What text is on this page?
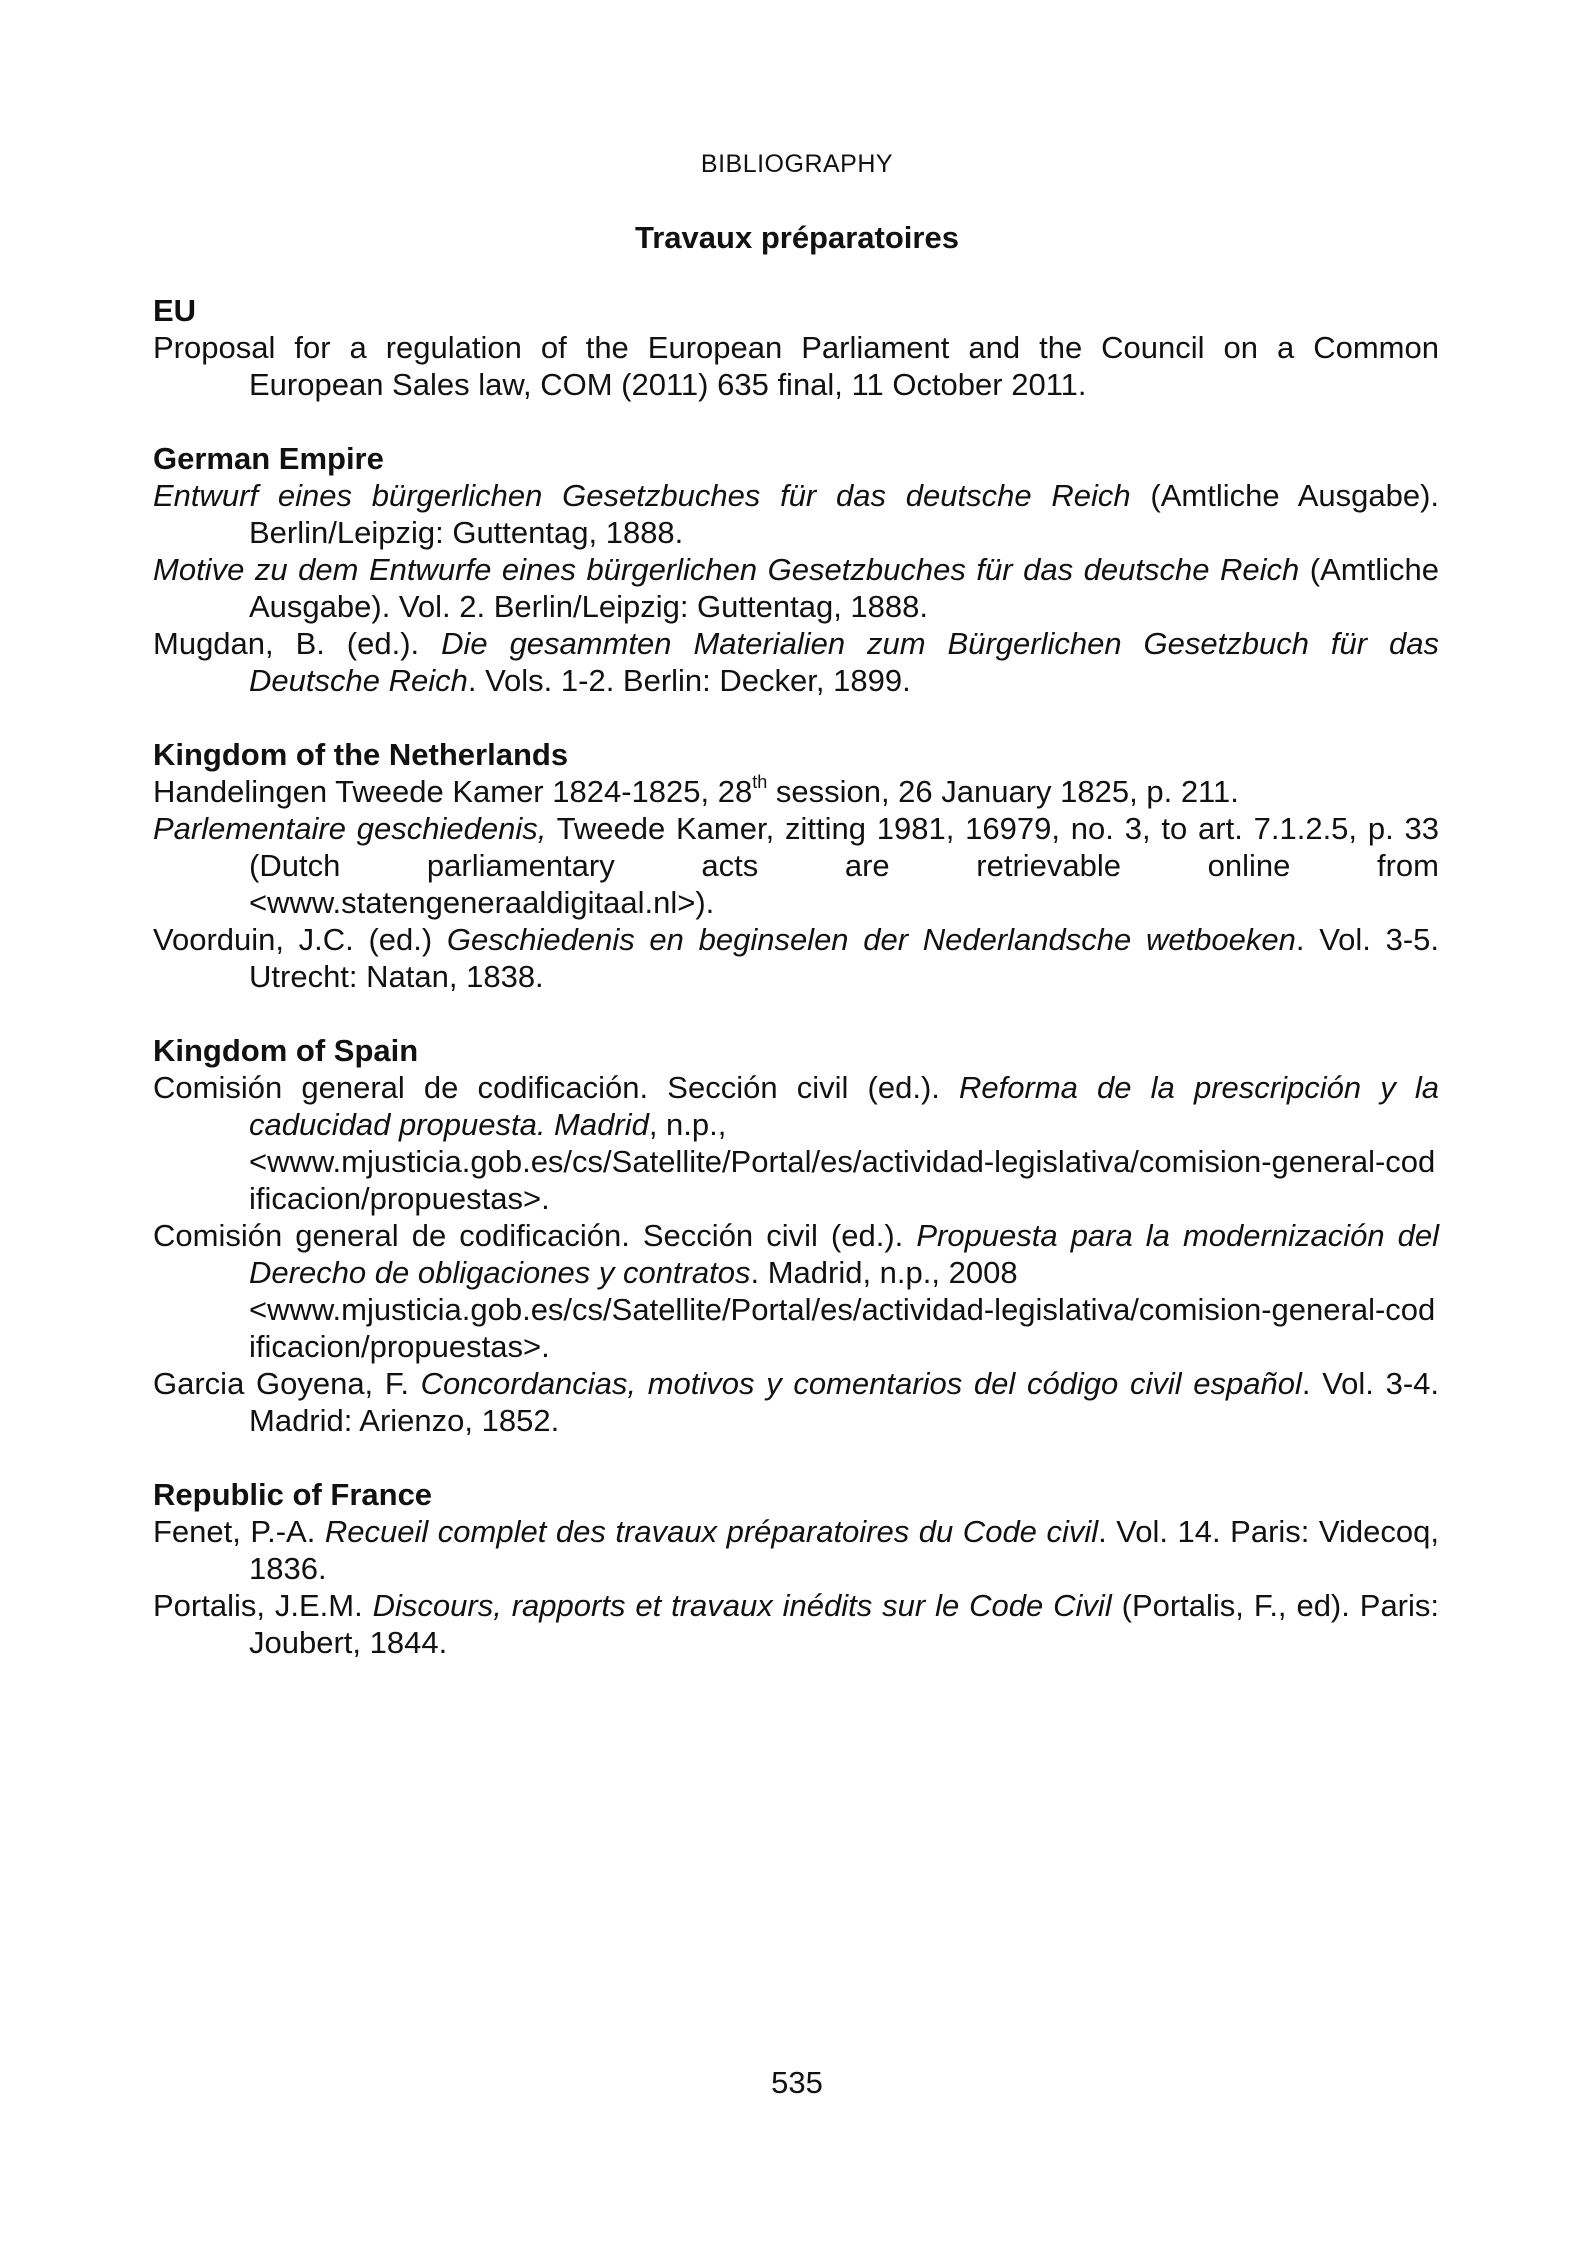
BIBLIOGRAPHY
Travaux préparatoires
EU

Proposal for a regulation of the European Parliament and the Council on a Common European Sales law, COM (2011) 635 final, 11 October 2011.

German Empire

Entwurf eines bürgerlichen Gesetzbuches für das deutsche Reich (Amtliche Ausgabe). Berlin/Leipzig: Guttentag, 1888.

Motive zu dem Entwurfe eines bürgerlichen Gesetzbuches für das deutsche Reich (Amtliche Ausgabe). Vol. 2. Berlin/Leipzig: Guttentag, 1888.

Mugdan, B. (ed.). Die gesammten Materialien zum Bürgerlichen Gesetzbuch für das Deutsche Reich. Vols. 1-2. Berlin: Decker, 1899.

Kingdom of the Netherlands

Handelingen Tweede Kamer 1824-1825, 28th session, 26 January 1825, p. 211.

Parlementaire geschiedenis, Tweede Kamer, zitting 1981, 16979, no. 3, to art. 7.1.2.5, p. 33 (Dutch parliamentary acts are retrievable online from <www.statengeneraaldigitaal.nl>).

Voorduin, J.C. (ed.) Geschiedenis en beginselen der Nederlandsche wetboeken. Vol. 3-5. Utrecht: Natan, 1838.

Kingdom of Spain

Comisión general de codificación. Sección civil (ed.). Reforma de la prescripción y la caducidad propuesta. Madrid, n.p.,
<www.mjusticia.gob.es/cs/Satellite/Portal/es/actividad-legislativa/comision-general-codificacion/propuestas>.

Comisión general de codificación. Sección civil (ed.). Propuesta para la modernización del Derecho de obligaciones y contratos. Madrid, n.p., 2008
<www.mjusticia.gob.es/cs/Satellite/Portal/es/actividad-legislativa/comision-general-codificacion/propuestas>.

Garcia Goyena, F. Concordancias, motivos y comentarios del código civil español. Vol. 3-4. Madrid: Arienzo, 1852.

Republic of France

Fenet, P.-A. Recueil complet des travaux préparatoires du Code civil. Vol. 14. Paris: Videcoq, 1836.

Portalis, J.E.M. Discours, rapports et travaux inédits sur le Code Civil (Portalis, F., ed). Paris: Joubert, 1844.

535
